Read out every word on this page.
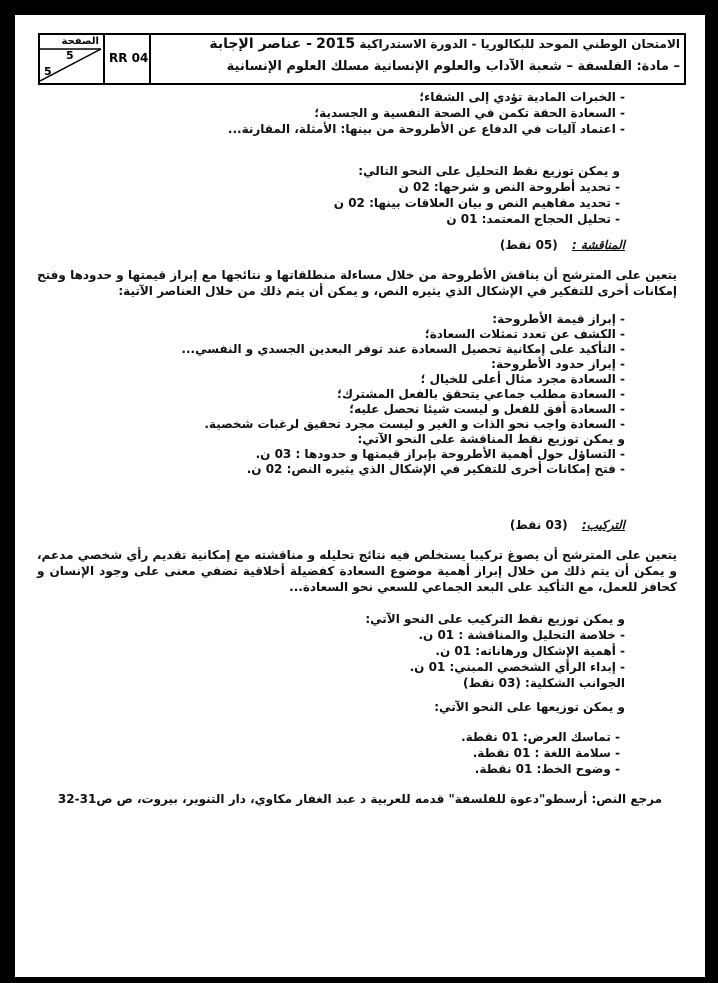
الصفحة
5
5
RR 04
الامتحان الوطني الموحد للبكالوريا - الدورة الاستدراكية 2015 - عناصر الإجابة
– مادة: الفلسفة – شعبة الآداب والعلوم الإنسانية مسلك العلوم الإنسانية
- الخبرات المادية تؤدي إلى الشقاء؛
- السعادة الحقة تكمن في الصحة النفسية و الجسدية؛
- اعتماد آليات في الدفاع عن الأطروحة من بينها: الأمثلة، المقارنة...
و يمكن توزيع نقط التحليل على النحو التالي:
- تحديد أطروحة النص و شرحها: 02 ن
- تحديد مفاهيم النص و بيان العلاقات بينها: 02 ن
- تحليل الحجاج المعتمد: 01 ن
المناقشة : (05 نقط)
يتعين على المترشح أن يناقش الأطروحة من خلال مساءلة منطلقاتها و نتائجها مع إبراز قيمتها و حدودها وفتح إمكانات أخرى للتفكير في الإشكال الذي يثيره النص، و يمكن أن يتم ذلك من خلال العناصر الآتية:
- إبراز قيمة الأطروحة:
- الكشف عن تعدد تمثلات السعادة؛
- التأكيد على إمكانية تحصيل السعادة عند توفر البعدين الجسدي و النفسي...
- إبراز حدود الأطروحة:
- السعادة مجرد مثال أعلى للخيال ؛
- السعادة مطلب جماعي يتحقق بالفعل المشترك؛
- السعادة أفق للفعل و ليست شيئا نحصل عليه؛
- السعادة واجب نحو الذات و الغير و ليست مجرد تحقيق لرغبات شخصية.
و يمكن توزيع نقط المناقشة على النحو الآتي:
- التساؤل حول أهمية الأطروحة بإبراز قيمتها و حدودها : 03 ن.
- فتح إمكانات أخرى للتفكير في الإشكال الذي يثيره النص: 02 ن.
التركيب: (03 نقط)
يتعين على المترشح أن يصوغ تركيبا يستخلص فيه نتائج تحليله و مناقشته مع إمكانية تقديم رأي شخصي مدعم، و يمكن أن يتم ذلك من خلال إبراز أهمية موضوع السعادة كفضيلة أخلاقية تضفي معنى على وجود الإنسان و كحافز للعمل، مع التأكيد على البعد الجماعي للسعي نحو السعادة...
و يمكن توزيع نقط التركيب على النحو الآتي:
- خلاصة التحليل والمناقشة : 01 ن.
- أهمية الإشكال ورهاناته: 01 ن.
- إبداء الرأي الشخصي المبني: 01 ن.
الجوانب الشكلية: (03 نقط)
و يمكن توزيعها على النحو الآتي:
- تماسك العرض: 01 نقطة.
- سلامة اللغة : 01 نقطة.
- وضوح الخط: 01 نقطة.
مرجع النص: أرسطو"دعوة للفلسفة" قدمه للعربية د عبد الغفار مكاوي، دار التنوير، بيروت، ص ص31-32
